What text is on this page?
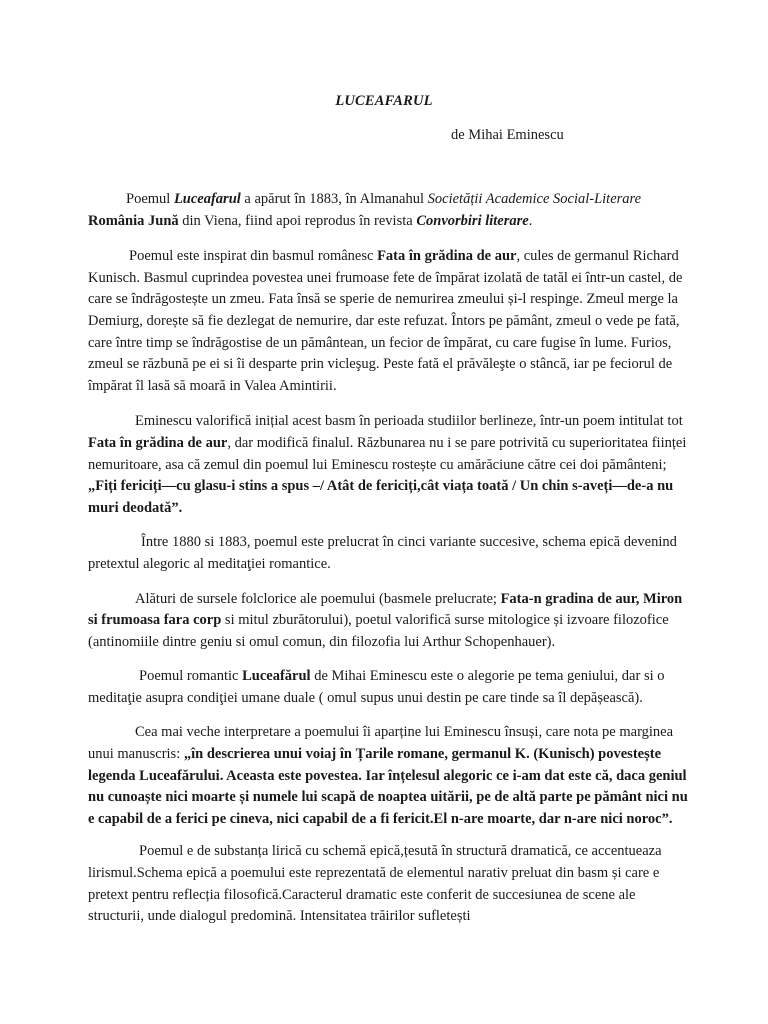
LUCEAFARUL
de Mihai Eminescu

Poemul Luceafarul a apărut în 1883, în Almanahul Societății Academice Social-Literare România Jună din Viena, fiind apoi reprodus în revista Convorbiri literare.

Poemul este inspirat din basmul românesc Fata în grădina de aur, cules de germanul Richard Kunisch. Basmul cuprindea povestea unei frumoase fete de împărat izolată de tatăl ei într-un castel, de care se îndrăgostește un zmeu. Fata însă se sperie de nemurirea zmeului și-l respinge. Zmeul merge la Demiurg, dorește să fie dezlegat de nemurire, dar este refuzat. Întors pe pământ, zmeul o vede pe fată, care între timp se îndrăgostise de un pământean, un fecior de împărat, cu care fugise în lume. Furios, zmeul se răzbună pe ei si îi desparte prin vicleşug. Peste fată el prăvăleşte o stâncă, iar pe feciorul de împărat îl lasă să moară in Valea Amintirii.

Eminescu valorifică inițial acest basm în perioada studiilor berlineze, într-un poem intitulat tot Fata în grădina de aur, dar modifică finalul. Răzbunarea nu i se pare potrivită cu superioritatea ființei nemuritoare, asa că zemul din poemul lui Eminescu rostește cu amărăciune către cei doi pământeni; „Fiți fericiți—cu glasu-i stins a spus –/ Atât de fericiți,cât viața toată / Un chin s-aveți—de-a nu muri deodată”.

Între 1880 si 1883, poemul este prelucrat în cinci variante succesive, schema epică devenind pretextul alegoric al meditaţiei romantice.

Alături de sursele folclorice ale poemului (basmele prelucrate; Fata-n gradina de aur, Miron si frumoasa fara corp si mitul zburătorului), poetul valorifică surse mitologice și izvoare filozofice (antinomiile dintre geniu si omul comun, din filozofia lui Arthur Schopenhauer).

Poemul romantic Luceafărul de Mihai Eminescu este o alegorie pe tema geniului, dar si o meditaţie asupra condiţiei umane duale ( omul supus unui destin pe care tinde sa îl depășească).

Cea mai veche interpretare a poemului îi aparține lui Eminescu însuși, care nota pe marginea unui manuscris: „în descrierea unui voiaj în Țarile romane, germanul K. (Kunisch) povestește legenda Luceafărului. Aceasta este povestea. Iar înțelesul alegoric ce i-am dat este că, daca geniul nu cunoaște nici moarte și numele lui scapă de noaptea uitării, pe de altă parte pe pământ nici nu e capabil de a ferici pe cineva, nici capabil de a fi fericit.El n-are moarte, dar n-are nici noroc”.

Poemul e de substanța lirică cu schemă epică,țesută în structură dramatică, ce accentueaza lirismul.Schema epică a poemului este reprezentată de elementul narativ preluat din basm și care e pretext pentru reflecția filosofică.Caracterul dramatic este conferit de succesiunea de scene ale structurii, unde dialogul predomină. Intensitatea trăirilor sufletești
